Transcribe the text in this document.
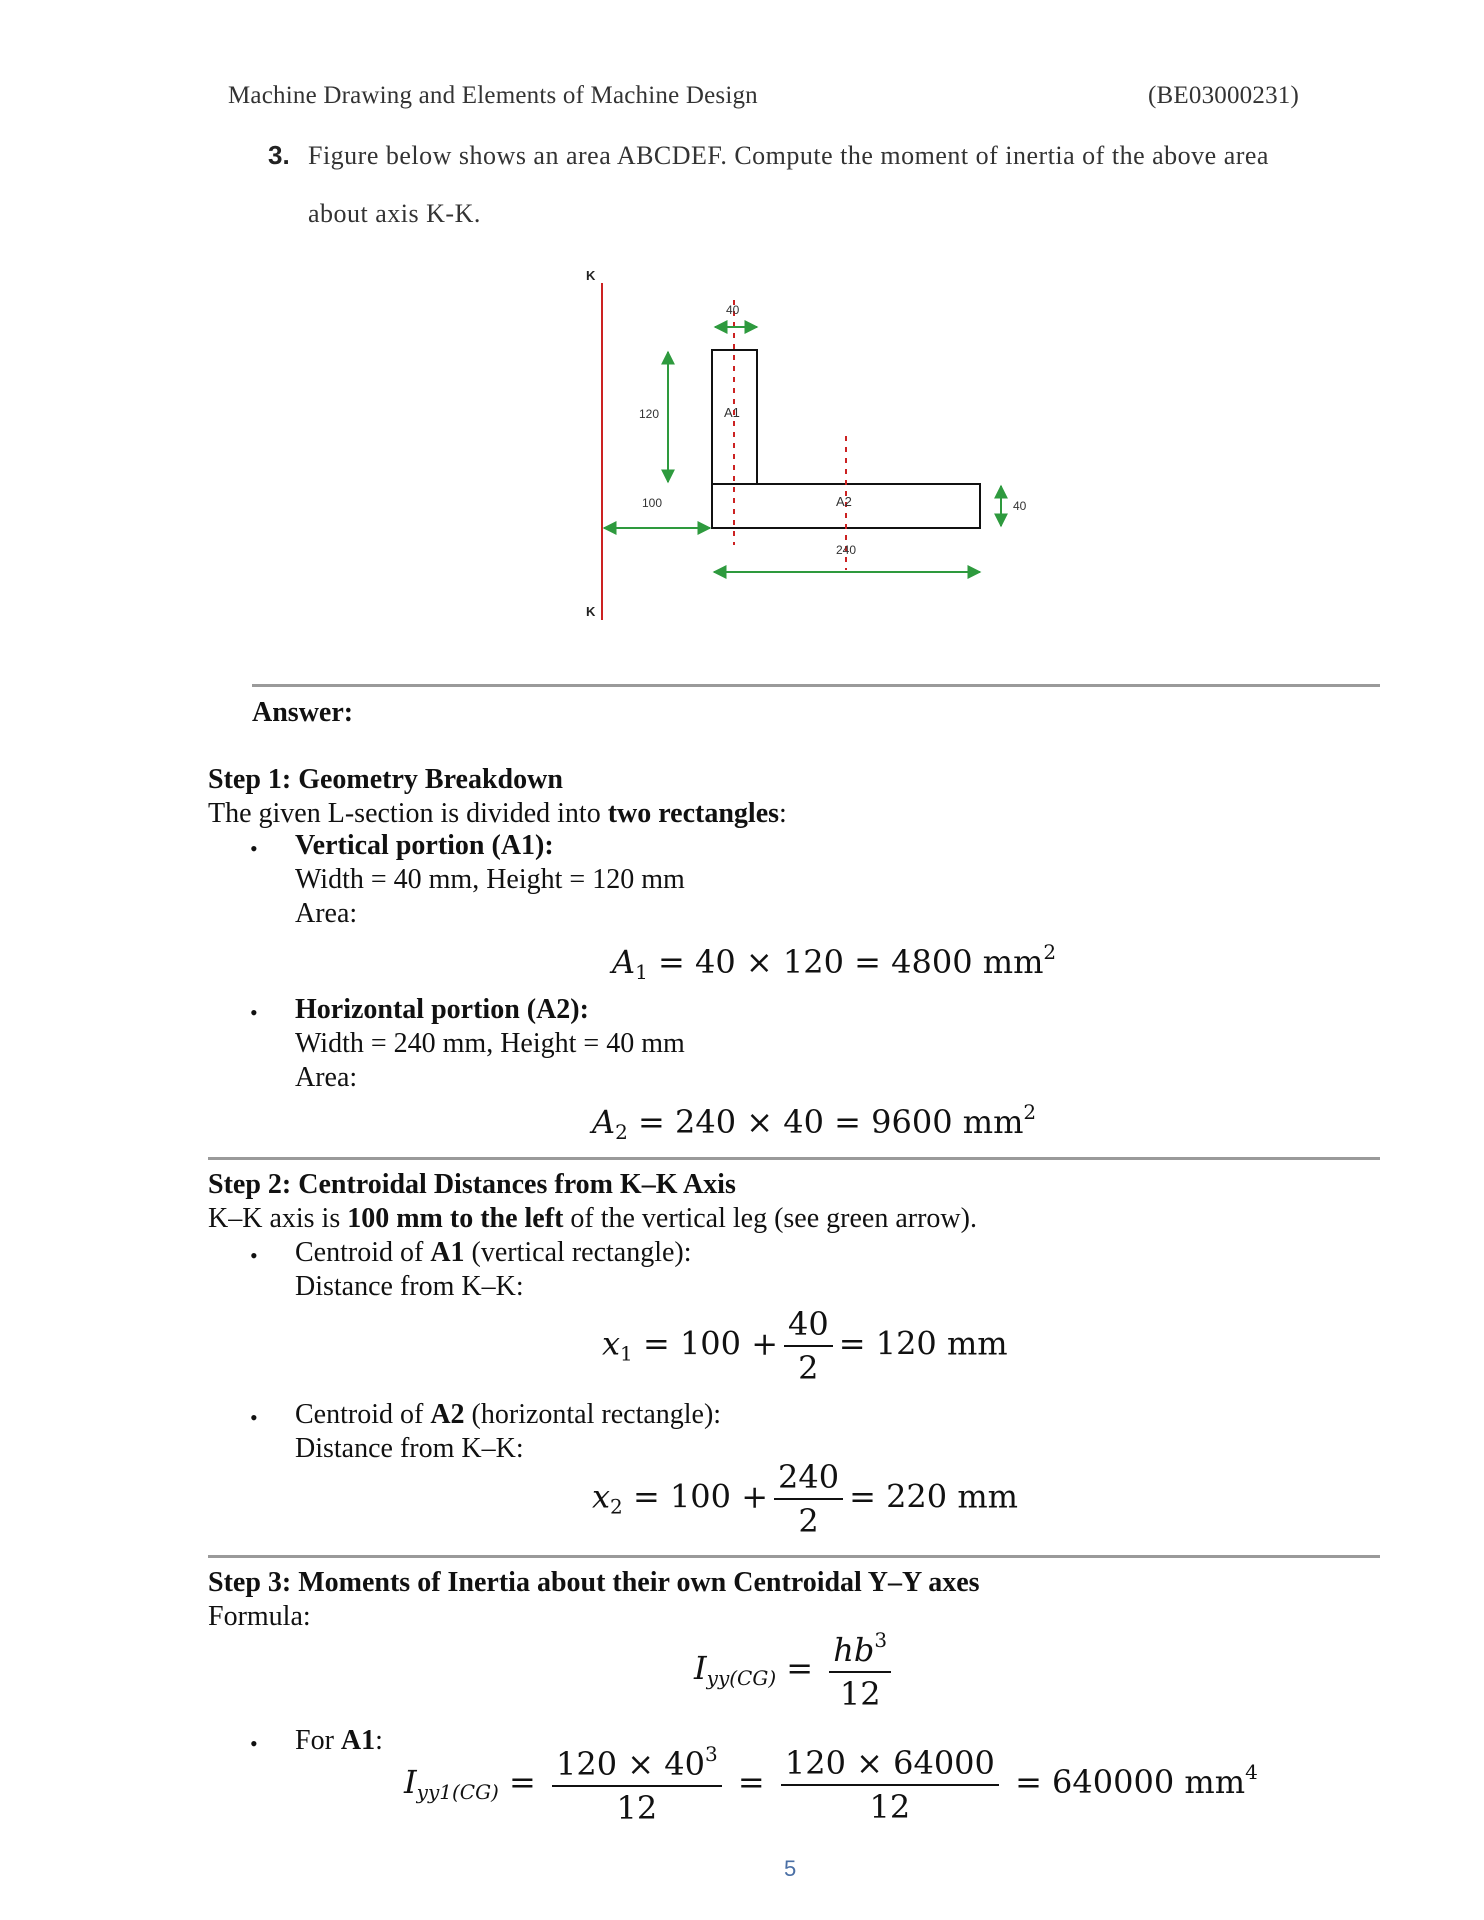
Machine Drawing and Elements of Machine Design	(BE03000231)
3. Figure below shows an area ABCDEF. Compute the moment of inertia of the above area
about axis K-K.
K
K
40
120
100	40
240
A1
A2
Answer:
Step 1: Geometry Breakdown
The given L-section is divided into two rectangles:
• Vertical portion (A1):
Width = 40 mm, Height = 120 mm
Area:
$A_1 = 40 \times 120 = 4800$ $mm^2$
• Horizontal portion (A2):
Width = 240 mm, Height = 40 mm
Area:
$A_2 = 240 \times 40 = 9600$ $mm^2$
Step 2: Centroidal Distances from K–K Axis
K–K axis is 100 mm to the left of the vertical leg (see green arrow).
• Centroid of A1 (vertical rectangle):
Distance from K–K:
$x_1 = 100 + \frac{40}{2} = 120$ mm
• Centroid of A2 (horizontal rectangle):
Distance from K–K:
$x_2 = 100 + \frac{240}{2} = 220$ mm
Step 3: Moments of Inertia about their own Centroidal Y–Y axes
Formula:
$I_{yy(CG)} = \frac{hb^3}{12}$
• For A1:
$I_{yy1(CG)} = \frac{120 \times 40^3}{12} = \frac{120 \times 64000}{12} = 640000$ $mm^4$
5
